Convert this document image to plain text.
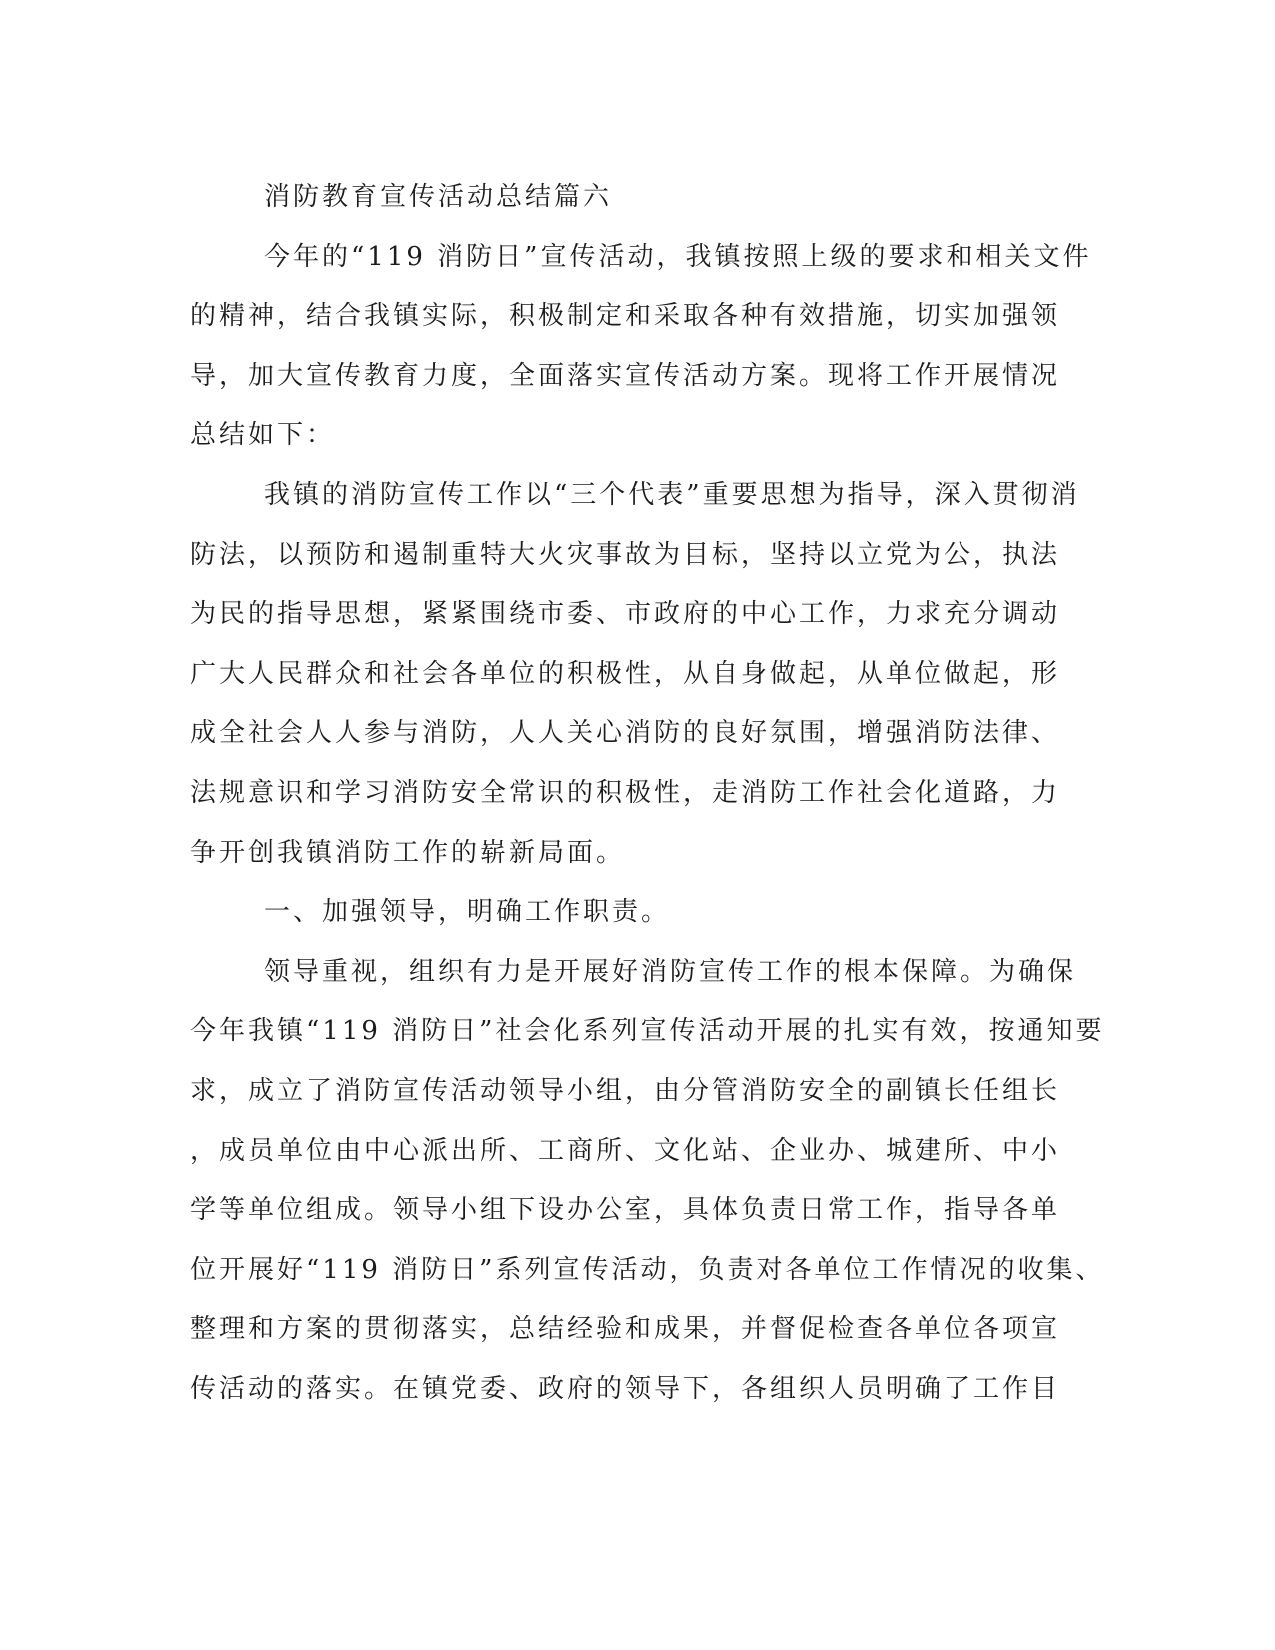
消防教育宣传活动总结篇六
今年的“119 消防日”宣传活动，我镇按照上级的要求和相关文件
的精神，结合我镇实际，积极制定和采取各种有效措施，切实加强领
导，加大宣传教育力度，全面落实宣传活动方案。现将工作开展情况
总结如下：
我镇的消防宣传工作以“三个代表”重要思想为指导，深入贯彻消
防法，以预防和遏制重特大火灾事故为目标，坚持以立党为公，执法
为民的指导思想，紧紧围绕市委、市政府的中心工作，力求充分调动
广大人民群众和社会各单位的积极性，从自身做起，从单位做起，形
成全社会人人参与消防，人人关心消防的良好氛围，增强消防法律、
法规意识和学习消防安全常识的积极性，走消防工作社会化道路，力
争开创我镇消防工作的崭新局面。
一、加强领导，明确工作职责。
领导重视，组织有力是开展好消防宣传工作的根本保障。为确保
今年我镇“119 消防日”社会化系列宣传活动开展的扎实有效，按通知要
求，成立了消防宣传活动领导小组，由分管消防安全的副镇长任组长
，成员单位由中心派出所、工商所、文化站、企业办、城建所、中小
学等单位组成。领导小组下设办公室，具体负责日常工作，指导各单
位开展好“119 消防日”系列宣传活动，负责对各单位工作情况的收集、
整理和方案的贯彻落实，总结经验和成果，并督促检查各单位各项宣
传活动的落实。在镇党委、政府的领导下，各组织人员明确了工作目
